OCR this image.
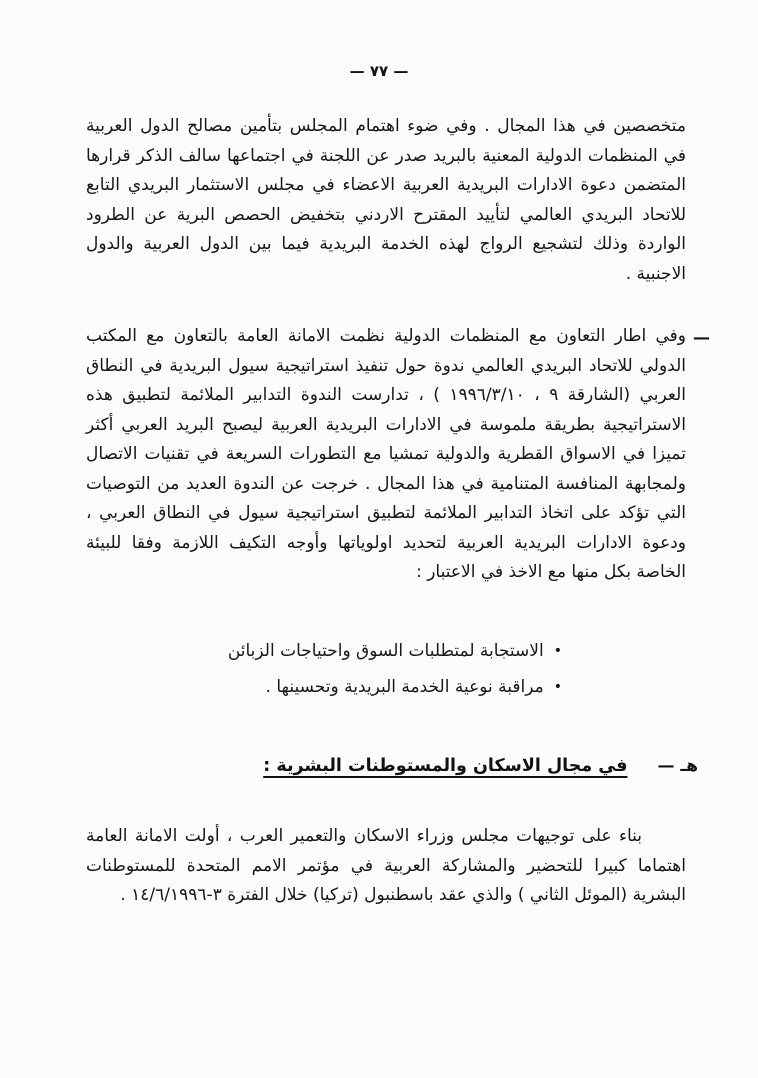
— ٧٧ —
متخصصين في هذا المجال . وفي ضوء اهتمام المجلس بتأمين مصالح الدول العربية في المنظمات الدولية المعنية بالبريد صدر عن اللجنة في اجتماعها سالف الذكر قرارها المتضمن دعوة الادارات البريدية العربية الاعضاء في مجلس الاستثمار البريدي التابع للاتحاد البريدي العالمي لتأييد المقترح الاردني بتخفيض الحصص البرية عن الطرود الواردة وذلك لتشجيع الرواج لهذه الخدمة البريدية فيما بين الدول العربية والدول الاجنبية .
—
وفي اطار التعاون مع المنظمات الدولية نظمت الامانة العامة بالتعاون مع المكتب الدولي للاتحاد البريدي العالمي ندوة حول تنفيذ استراتيجية سيول البريدية في النطاق العربي (الشارقة ٩ ، ١٩٩٦/٣/١٠ ) ، تدارست الندوة التدابير الملائمة لتطبيق هذه الاستراتيجية بطريقة ملموسة في الادارات البريدية العربية ليصبح البريد العربي أكثر تميزا في الاسواق القطرية والدولية تمشيا مع التطورات السريعة في تقنيات الاتصال ولمجابهة المنافسة المتنامية في هذا المجال . خرجت عن الندوة العديد من التوصيات التي تؤكد على اتخاذ التدابير الملائمة لتطبيق استراتيجية سيول في النطاق العربي ، ودعوة الادارات البريدية العربية لتحديد اولوياتها وأوجه التكيف اللازمة وفقا للبيئة الخاصة بكل منها مع الاخذ في الاعتبار :
•
الاستجابة لمتطلبات السوق واحتياجات الزبائن
•
مراقبة نوعية الخدمة البريدية وتحسينها .
هـ —
في مجال الاسكان والمستوطنات البشرية :
بناء على توجيهات مجلس وزراء الاسكان والتعمير العرب ، أولت الامانة العامة اهتماما كبيرا للتحضير والمشاركة العربية في مؤتمر الامم المتحدة للمستوطنات البشرية (الموئل الثاني ) والذي عقد باسطنبول (تركيا) خلال الفترة ٣-١٤/٦/١٩٩٦ .
